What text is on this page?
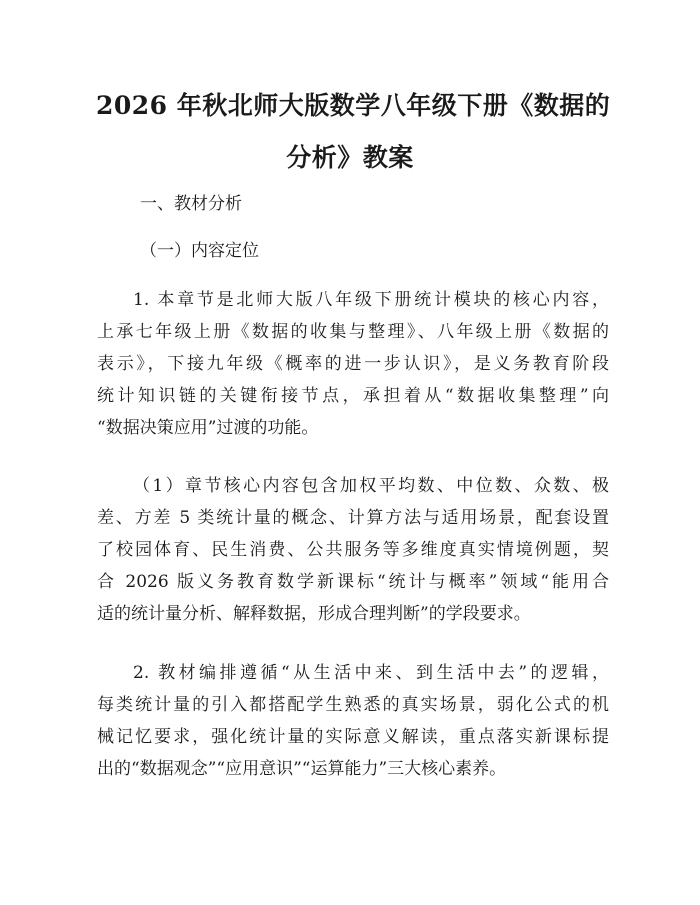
2026 年秋北师大版数学八年级下册《数据的
分析》教案

一、教材分析

（一）内容定位

1. 本章节是北师大版八年级下册统计模块的核心内容，
上承七年级上册《数据的收集与整理》、八年级上册《数据的
表示》，下接九年级《概率的进一步认识》，是义务教育阶段
统计知识链的关键衔接节点，承担着从“数据收集整理”向
“数据决策应用”过渡的功能。
（1）章节核心内容包含加权平均数、中位数、众数、极
差、方差 5 类统计量的概念、计算方法与适用场景，配套设置
了校园体育、民生消费、公共服务等多维度真实情境例题，契
合 2026 版义务教育数学新课标“统计与概率”领域“能用合
适的统计量分析、解释数据，形成合理判断”的学段要求。
2. 教材编排遵循“从生活中来、到生活中去”的逻辑，
每类统计量的引入都搭配学生熟悉的真实场景，弱化公式的机
械记忆要求，强化统计量的实际意义解读，重点落实新课标提
出的“数据观念”“应用意识”“运算能力”三大核心素养。
